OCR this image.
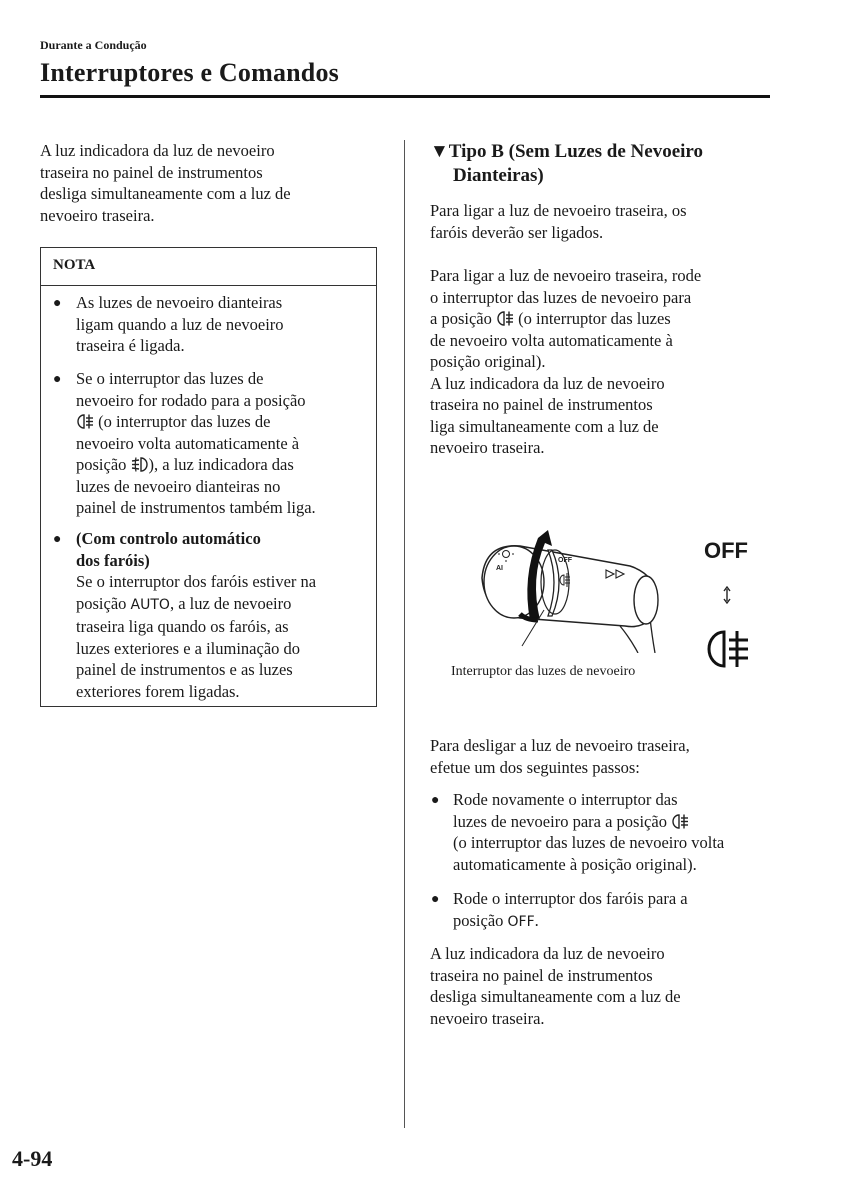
Durante a Condução
Interruptores e Comandos

A luz indicadora da luz de nevoeiro

traseira no painel de instrumentos

desliga simultaneamente com a luz de

nevoeiro traseira.

NOTA
● As luzes de nevoeiro dianteiras

ligam quando a luz de nevoeiro

traseira é ligada.

● Se o interruptor das luzes de

nevoeiro for rodado para a posição

(o interruptor das luzes de

nevoeiro volta automaticamente à

posição ), a luz indicadora das

luzes de nevoeiro dianteiras no

painel de instrumentos também liga.

● (Com controlo automático

dos faróis)

Se o interruptor dos faróis estiver na

posição AUTO, a luz de nevoeiro

traseira liga quando os faróis, as

luzes exteriores e a iluminação do

painel de instrumentos e as luzes

exteriores forem ligadas.

▼Tipo B (Sem Luzes de Nevoeiro
Dianteiras)

Para ligar a luz de nevoeiro traseira, os

faróis deverão ser ligados.

Para ligar a luz de nevoeiro traseira, rode

o interruptor das luzes de nevoeiro para

a posição (o interruptor das luzes

de nevoeiro volta automaticamente à

posição original).

A luz indicadora da luz de nevoeiro

traseira no painel de instrumentos

liga simultaneamente com a luz de

nevoeiro traseira.

OFF
AI
OFF
Interruptor das luzes de nevoeiro

Para desligar a luz de nevoeiro traseira,

efetue um dos seguintes passos:

● Rode novamente o interruptor das

luzes de nevoeiro para a posição

(o interruptor das luzes de nevoeiro volta

automaticamente à posição original).

● Rode o interruptor dos faróis para a

posição OFF.

A luz indicadora da luz de nevoeiro

traseira no painel de instrumentos

desliga simultaneamente com a luz de

nevoeiro traseira.

4-94
